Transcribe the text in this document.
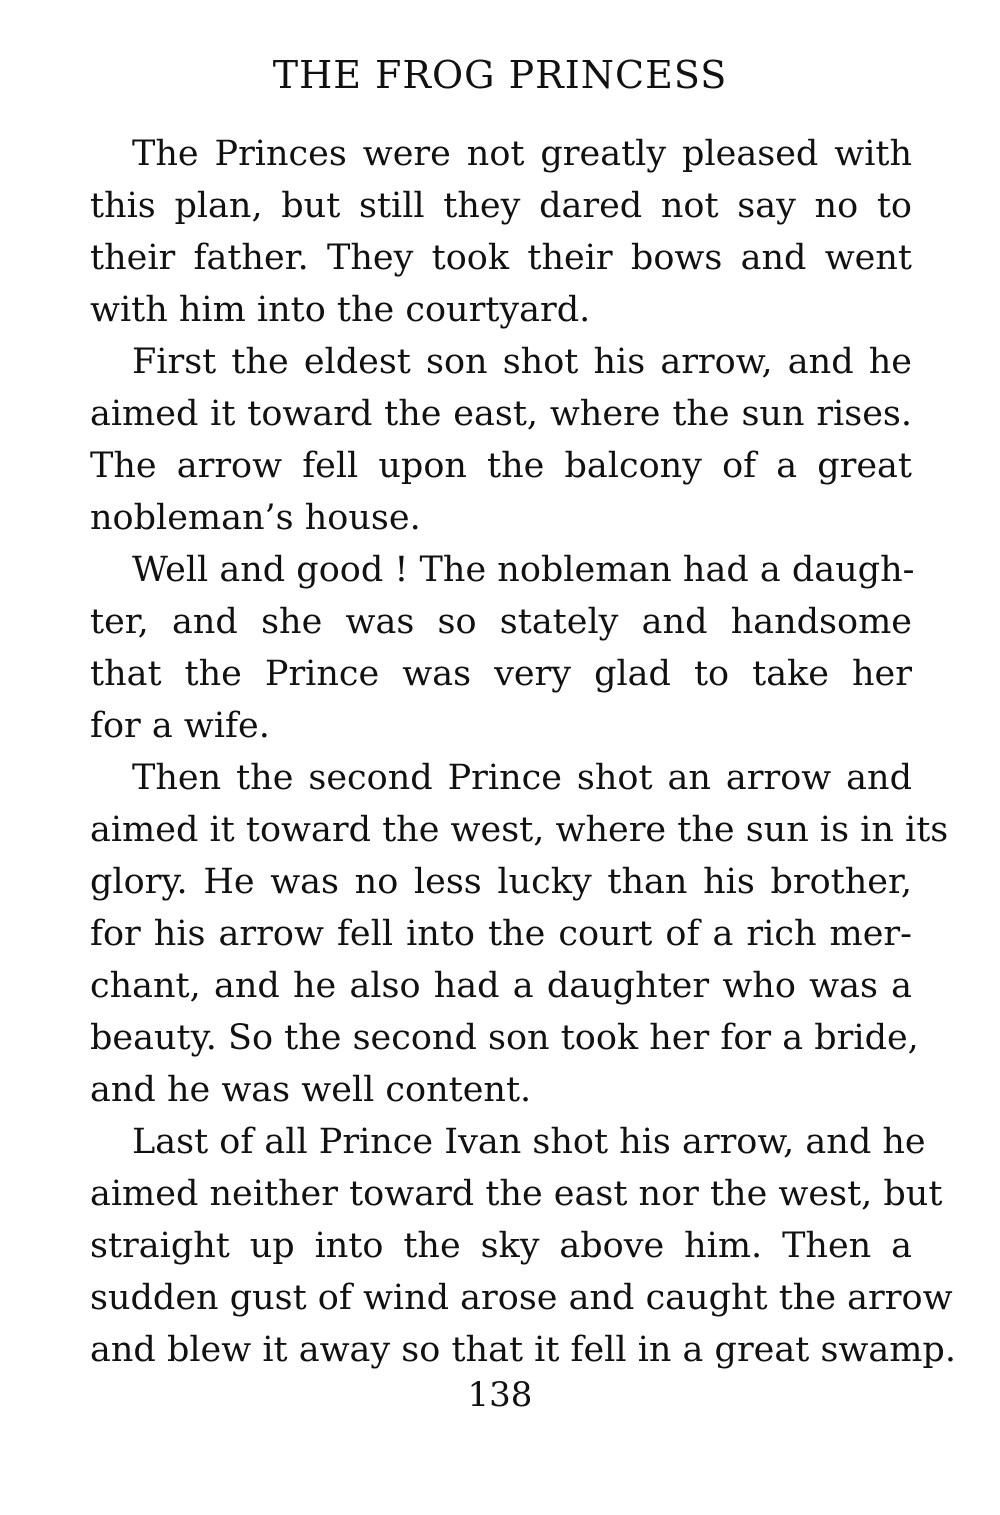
THE FROG PRINCESS
The Princes were not greatly pleased with
this plan, but still they dared not say no to
their father. They took their bows and went
with him into the courtyard.
First the eldest son shot his arrow, and he
aimed it toward the east, where the sun rises.
The arrow fell upon the balcony of a great
nobleman’s house.
Well and good ! The nobleman had a daugh-
ter, and she was so stately and handsome
that the Prince was very glad to take her
for a wife.
Then the second Prince shot an arrow and
aimed it toward the west, where the sun is in its
glory. He was no less lucky than his brother,
for his arrow fell into the court of a rich mer-
chant, and he also had a daughter who was a
beauty. So the second son took her for a bride,
and he was well content.
Last of all Prince Ivan shot his arrow, and he
aimed neither toward the east nor the west, but
straight up into the sky above him. Then a
sudden gust of wind arose and caught the arrow
and blew it away so that it fell in a great swamp.
138
